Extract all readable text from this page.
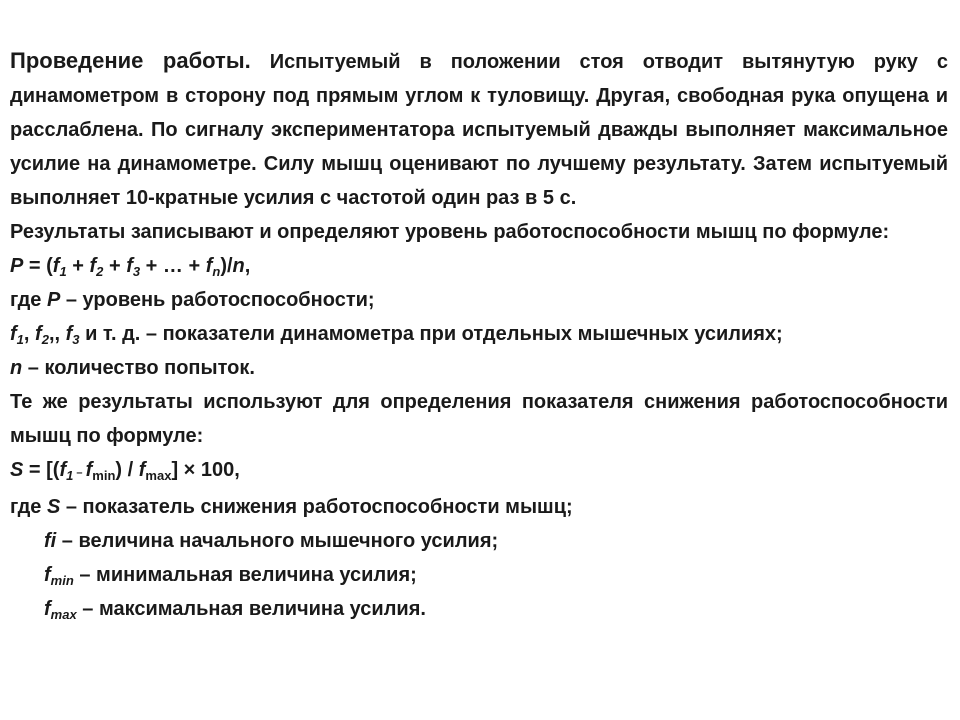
Проведение работы. Испытуемый в положении стоя отводит вытянутую руку с динамометром в сторону под прямым углом к туловищу. Другая, свободная рука опущена и расслаблена. По сигналу экспериментатора испытуемый дважды выполняет максимальное усилие на динамометре. Силу мышц оценивают по лучшему результату. Затем испытуемый выполняет 10-кратные усилия с частотой один раз в 5 с.

Результаты записывают и определяют уровень работоспособности мышц по формуле:

$P = (f_1 + f_2 + f_3$ + … + $f_n)/n$,

где P – уровень работоспособности;

$f_1$, $f_2$,, $f_3$ и т. д. – показатели динамометра при отдельных мышечных усилиях;

n – количество попыток.

Те же результаты используют для определения показателя снижения работоспособности мышц по формуле:

$S = [(f_1 - f_{min}) / f_{max}] \times 100$,

где S – показатель снижения работоспособности мышц;

fi – величина начального мышечного усилия;

$f_{min}$ – минимальная величина усилия;

$f_{max}$ – максимальная величина усилия.
